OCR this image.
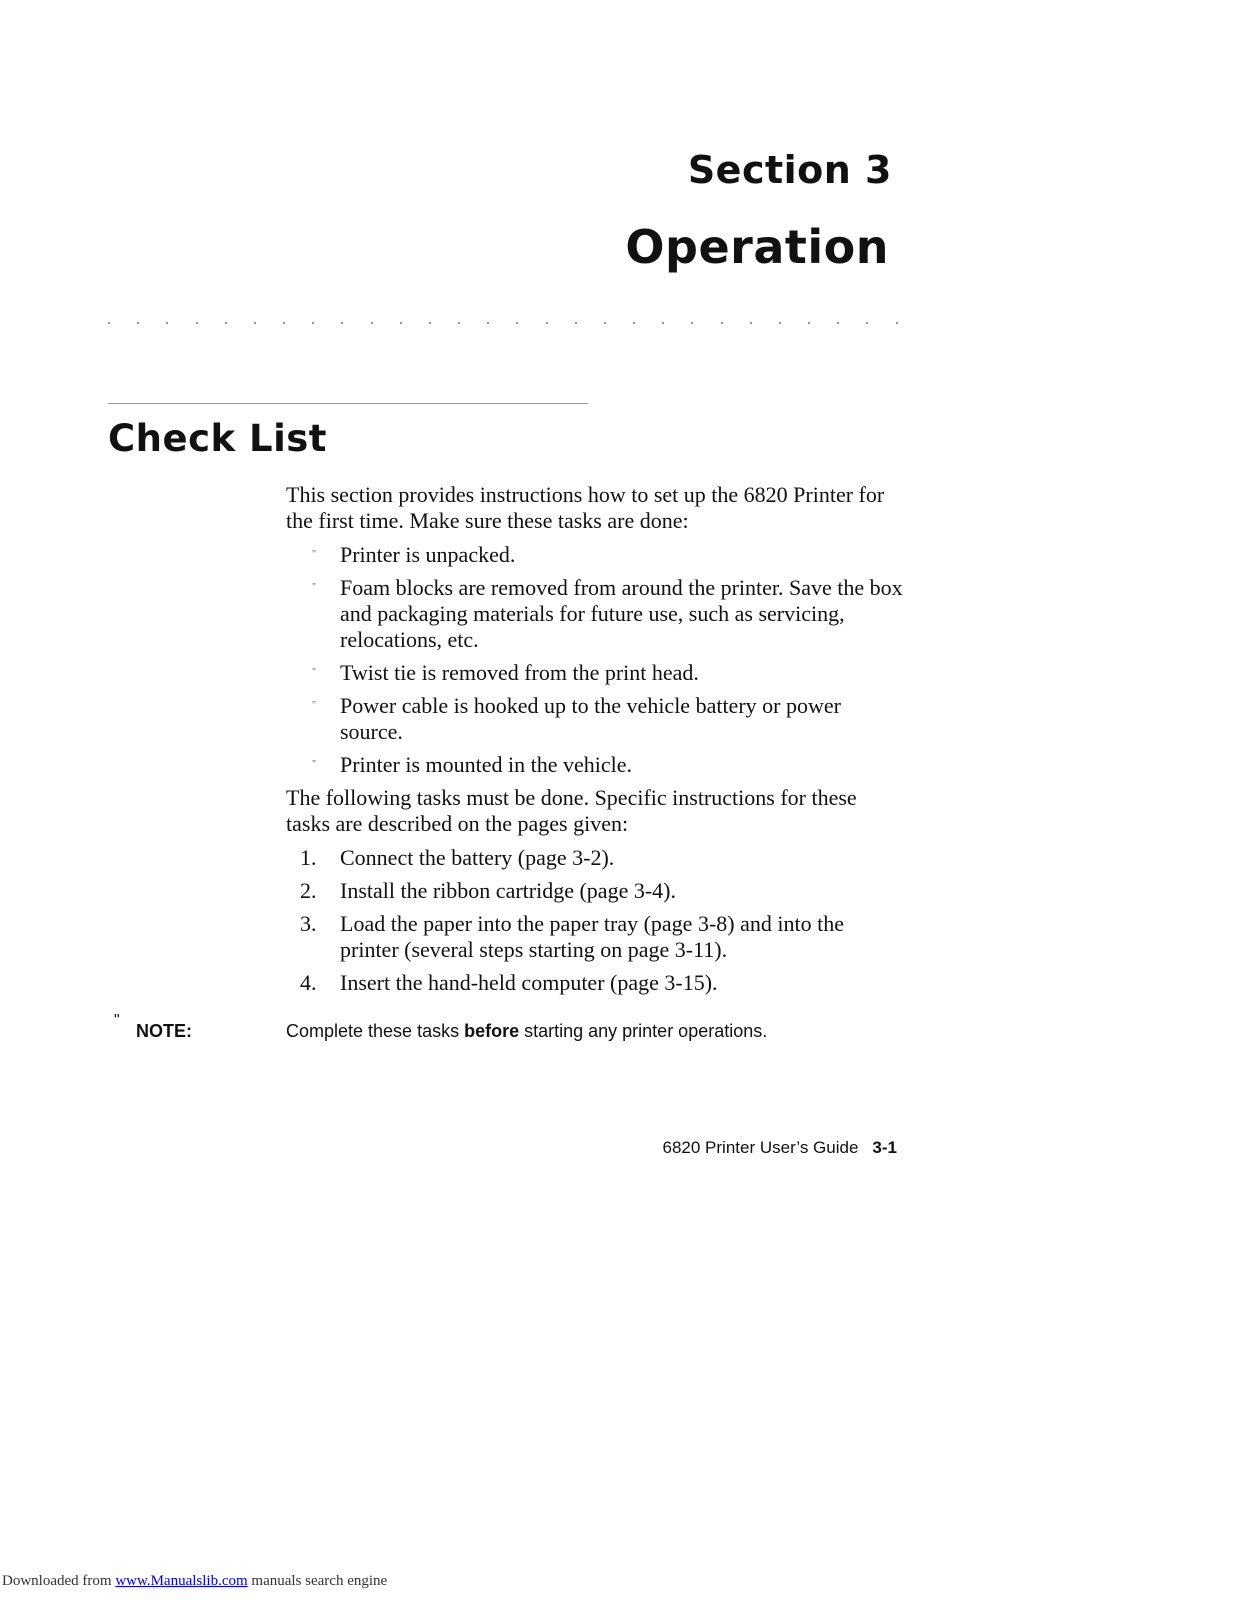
Section 3
Operation
Check List

This section provides instructions how to set up the 6820 Printer for the first time. Make sure these tasks are done:

" Printer is unpacked.
" Foam blocks are removed from around the printer. Save the box and packaging materials for future use, such as servicing, relocations, etc.
" Twist tie is removed from the print head.
" Power cable is hooked up to the vehicle battery or power source.
" Printer is mounted in the vehicle.

The following tasks must be done. Specific instructions for these tasks are described on the pages given:

1. Connect the battery (page 3-2).
2. Install the ribbon cartridge (page 3-4).
3. Load the paper into the paper tray (page 3-8) and into the printer (several steps starting on page 3-11).
4. Insert the hand-held computer (page 3-15).
"
NOTE:	Complete these tasks before starting any printer operations.
6820 Printer User’s Guide 3-1
Downloaded from www.Manualslib.com manuals search engine
